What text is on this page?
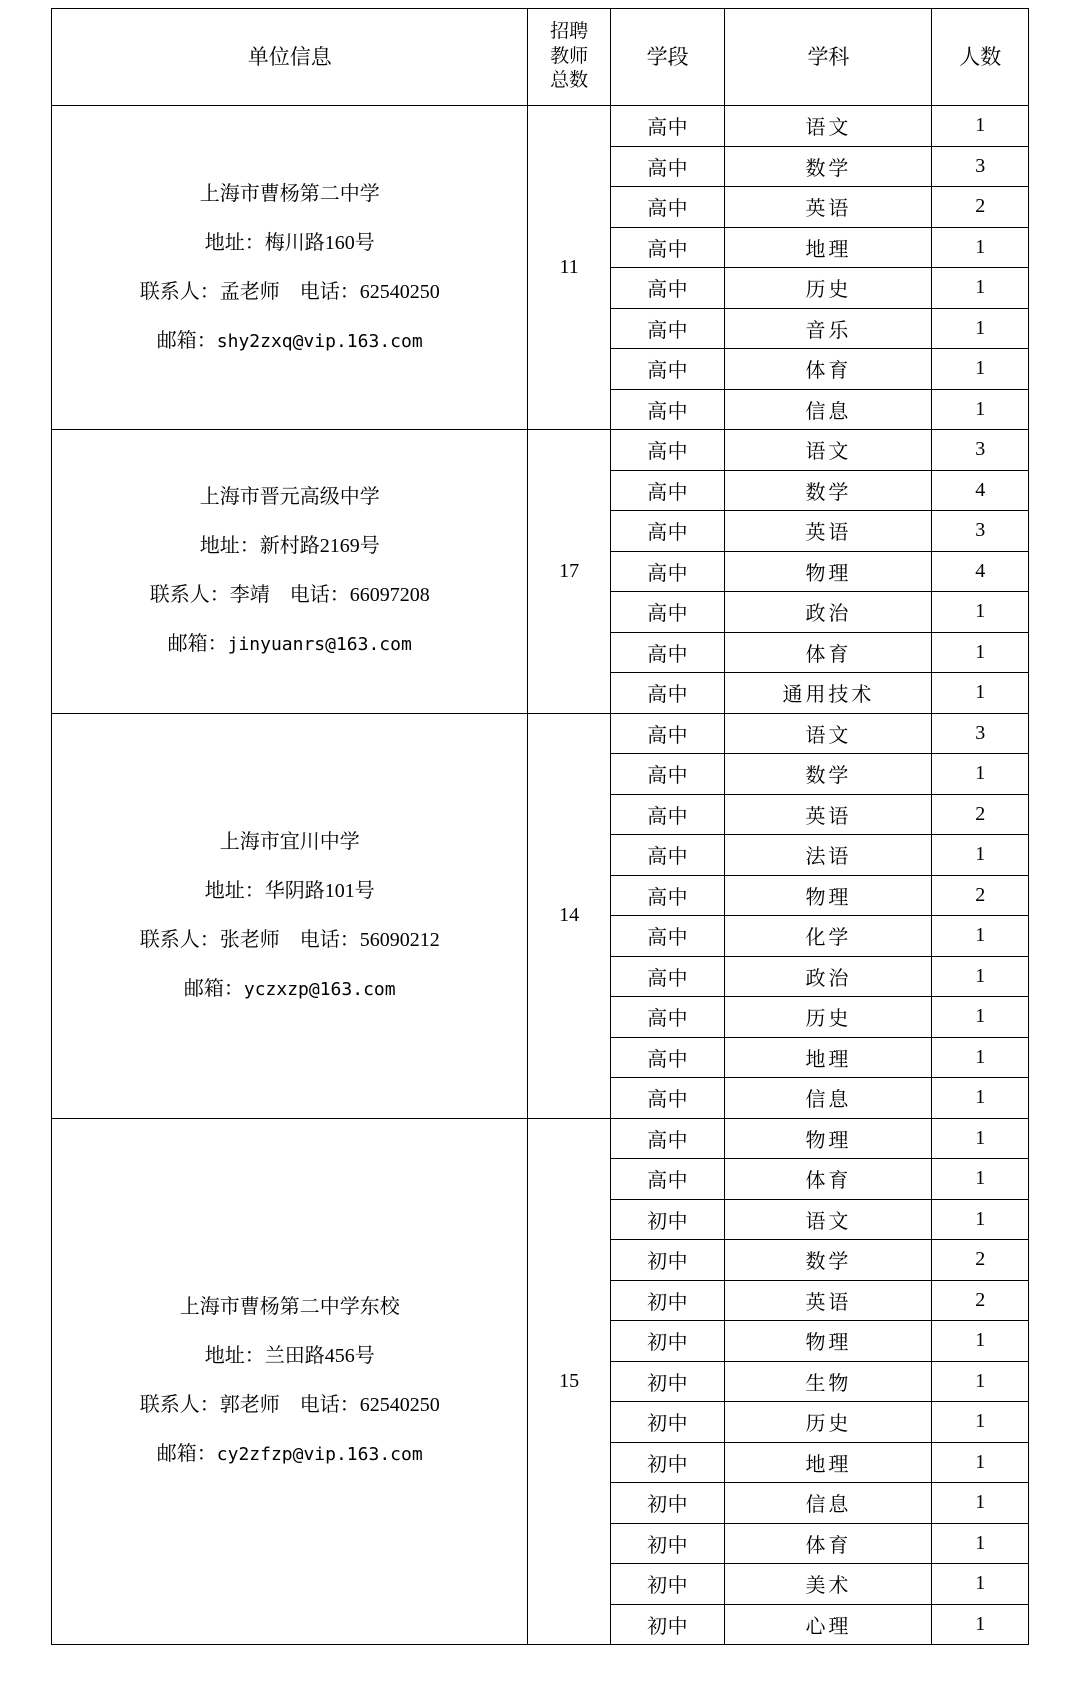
单位信息	招聘
教师
总数	学段	学科	人数

上海市曹杨第二中学
地址：梅川路160号
联系人：孟老师　电话：62540250
邮箱：shy2zxq@vip.163.com	11	高中	语文	1
		高中	数学	3
		高中	英语	2
		高中	地理	1
		高中	历史	1
		高中	音乐	1
		高中	体育	1
		高中	信息	1

上海市晋元高级中学
地址：新村路2169号
联系人：李靖　电话：66097208
邮箱：jinyuanrs@163.com	17	高中	语文	3
		高中	数学	4
		高中	英语	3
		高中	物理	4
		高中	政治	1
		高中	体育	1
		高中	通用技术	1

上海市宜川中学
地址：华阴路101号
联系人：张老师　电话：56090212
邮箱：yczxzp@163.com	14	高中	语文	3
		高中	数学	1
		高中	英语	2
		高中	法语	1
		高中	物理	2
		高中	化学	1
		高中	政治	1
		高中	历史	1
		高中	地理	1
		高中	信息	1

上海市曹杨第二中学东校
地址：兰田路456号
联系人：郭老师　电话：62540250
邮箱：cy2zfzp@vip.163.com	15	高中	物理	1
		高中	体育	1
		初中	语文	1
		初中	数学	2
		初中	英语	2
		初中	物理	1
		初中	生物	1
		初中	历史	1
		初中	地理	1
		初中	信息	1
		初中	体育	1
		初中	美术	1
		初中	心理	1
